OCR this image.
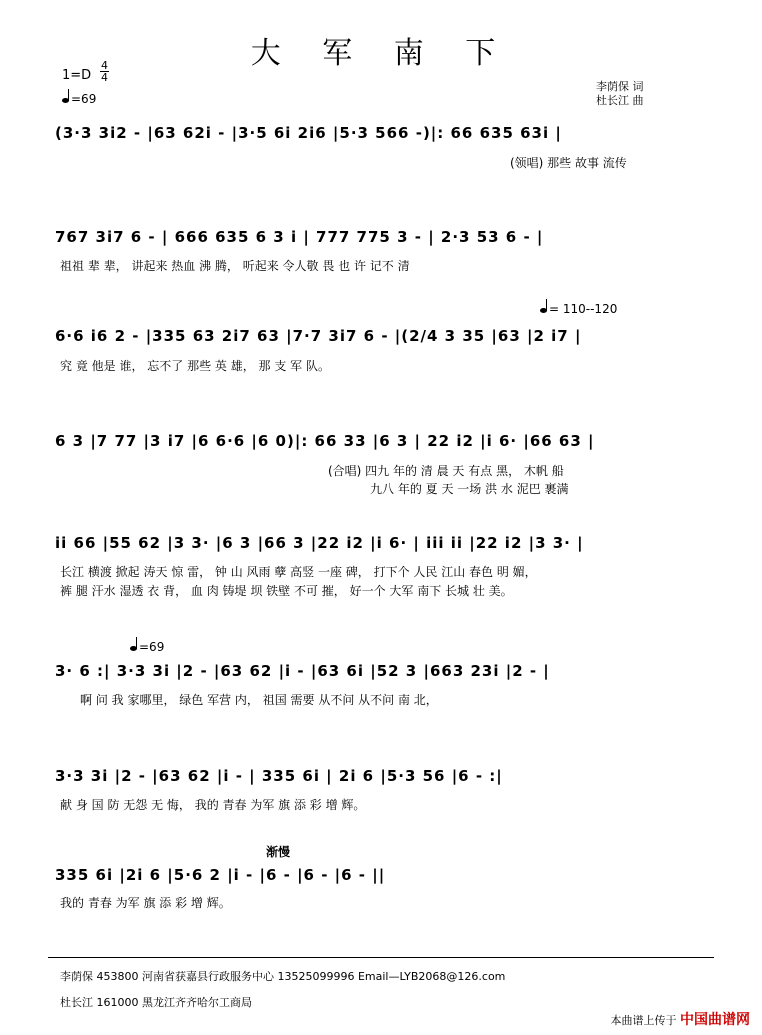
大 军 南 下
1=D
4
4
=69
李荫保 词
杜长江 曲
(3·3 3i2 - |63 62i - |3·5 6i 2i6 |5·3 566 -)|: 66 635 63i |
(领唱) 那些 故事 流传
767 3i7 6 - | 666 635 6 3 i | 777 775 3 - | 2·3 53 6 - |
祖祖 辈 辈， 讲起来 热血 沸 腾， 听起来 令人敬 畏 也 许 记不 清
= 110--120
6·6 i6 2 - |335 63 2i7 63 |7·7 3i7 6 - |(2/4 3 35 |63 |2 i7 |
究 竟 他是 谁， 忘不了 那些 英 雄， 那 支 军 队。
6 3 |7 77 |3 i7 |6 6·6 |6 0)|: 66 33 |6 3 | 22 i2 |i 6· |66 63 |
(合唱) 四九 年的 清 晨 天 有点 黑， 木帆 船
九八 年的 夏 天 一场 洪 水 泥巴 裹满
ii 66 |55 62 |3 3· |6 3 |66 3 |22 i2 |i 6· | iii ii |22 i2 |3 3· |
长江 横渡 掀起 涛天 惊 雷， 钟 山 风雨 孽 高竖 一座 碑， 打下个 人民 江山 春色 明 媚，
裤 腿 汗水 湿透 衣 背， 血 肉 铸堤 坝 铁壁 不可 摧， 好一个 大军 南下 长城 壮 美。
=69
3· 6 :| 3·3 3i |2 - |63 62 |i - |63 6i |52 3 |663 23i |2 - |
啊 问 我 家哪里， 绿色 军营 内， 祖国 需要 从不问 从不问 南 北，
3·3 3i |2 - |63 62 |i - | 335 6i | 2i 6 |5·3 56 |6 - :|
献 身 国 防 无怨 无 悔， 我的 青春 为军 旗 添 彩 增 辉。
渐慢
335 6i |2i 6 |5·6 2 |i - |6 - |6 - |6 - ||
我的 青春 为军 旗 添 彩 增 辉。
李荫保 453800 河南省获嘉县行政服务中心 13525099996 Email—LYB2068@126.com
杜长江 161000 黑龙江齐齐哈尔工商局
本曲谱上传于 中国曲谱网
